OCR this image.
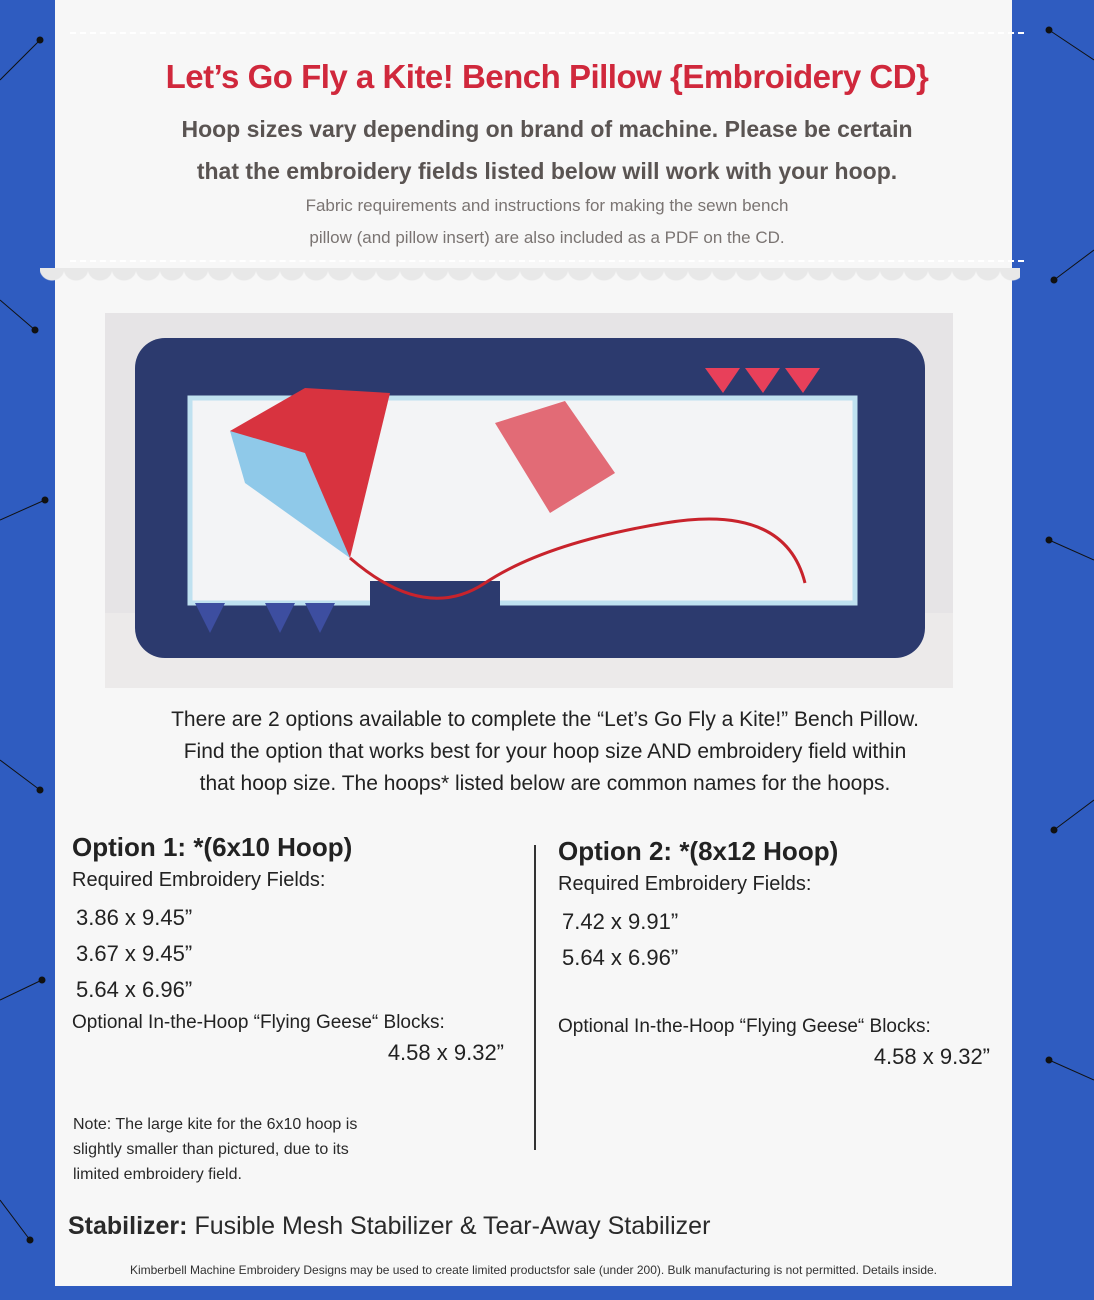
Let’s Go Fly a Kite! Bench Pillow {Embroidery CD}
Hoop sizes vary depending on brand of machine. Please be certain
that the embroidery fields listed below will work with your hoop.
Fabric requirements and instructions for making the sewn bench
pillow (and pillow insert) are also included as a PDF on the CD.
There are 2 options available to complete the “Let’s Go Fly a Kite!” Bench Pillow.
Find the option that works best for your hoop size AND embroidery field within
that hoop size. The hoops* listed below are common names for the hoops.
Option 1: *(6x10 Hoop)
Required Embroidery Fields:
3.86 x 9.45”
3.67 x 9.45”
5.64 x 6.96”
Optional In-the-Hoop “Flying Geese“ Blocks:
4.58 x 9.32”
Option 2: *(8x12 Hoop)
Required Embroidery Fields:
7.42 x 9.91”
5.64 x 6.96”
Optional In-the-Hoop “Flying Geese“ Blocks:
4.58 x 9.32”
Note: The large kite for the 6x10 hoop is
slightly smaller than pictured, due to its
limited embroidery field.
Stabilizer: Fusible Mesh Stabilizer & Tear-Away Stabilizer
Kimberbell Machine Embroidery Designs may be used to create limited productsfor sale (under 200). Bulk manufacturing is not permitted. Details inside.
